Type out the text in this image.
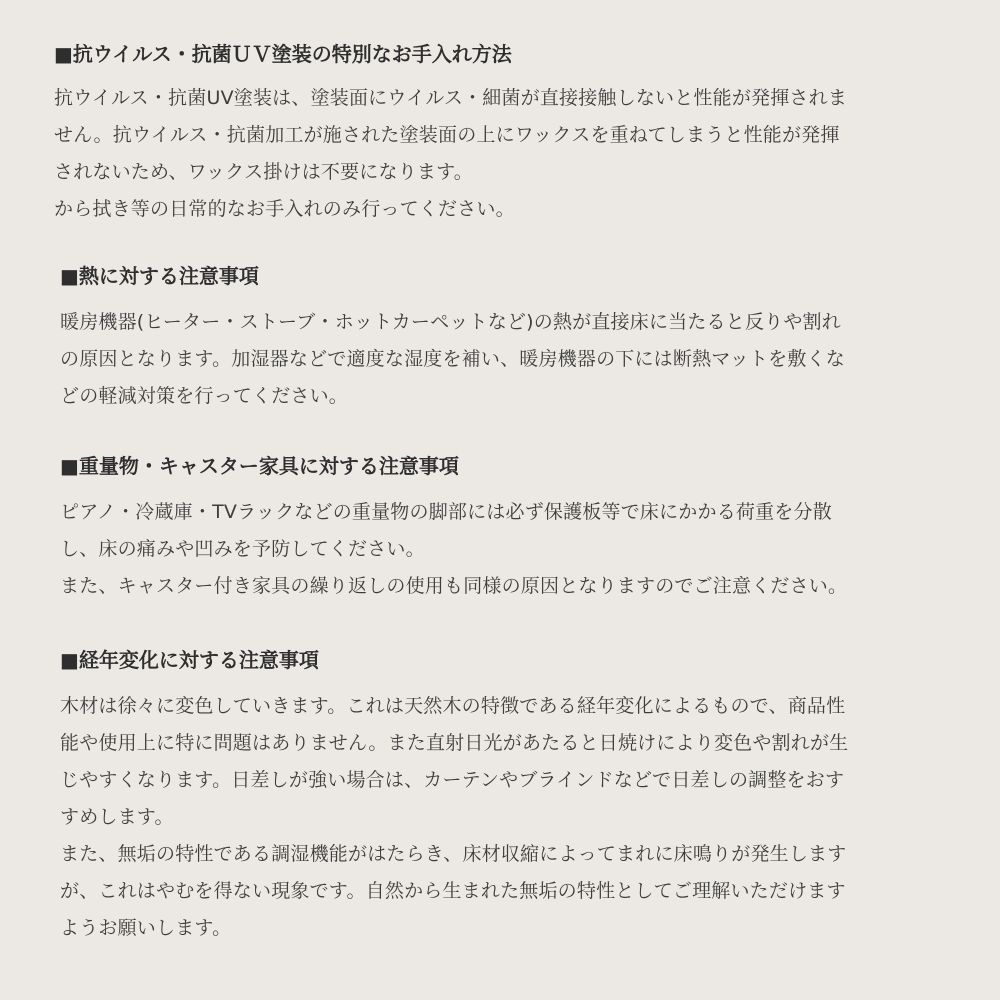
■抗ウイルス・抗菌ＵＶ塗装の特別なお手入れ方法

抗ウイルス・抗菌UV塗装は、塗装面にウイルス・細菌が直接接触しないと性能が発揮されま

せん。抗ウイルス・抗菌加工が施された塗装面の上にワックスを重ねてしまうと性能が発揮

されないため、ワックス掛けは不要になります。

から拭き等の日常的なお手入れのみ行ってください。

■熱に対する注意事項

暖房機器(ヒーター・ストーブ・ホットカーペットなど)の熱が直接床に当たると反りや割れ

の原因となります。加湿器などで適度な湿度を補い、暖房機器の下には断熱マットを敷くな

どの軽減対策を行ってください。

■重量物・キャスター家具に対する注意事項

ピアノ・冷蔵庫・TVラックなどの重量物の脚部には必ず保護板等で床にかかる荷重を分散

し、床の痛みや凹みを予防してください。

また、キャスター付き家具の繰り返しの使用も同様の原因となりますのでご注意ください。

■経年変化に対する注意事項

木材は徐々に変色していきます。これは天然木の特徴である経年変化によるもので、商品性

能や使用上に特に問題はありません。また直射日光があたると日焼けにより変色や割れが生

じやすくなります。日差しが強い場合は、カーテンやブラインドなどで日差しの調整をおす

すめします。

また、無垢の特性である調湿機能がはたらき、床材収縮によってまれに床鳴りが発生します

が、これはやむを得ない現象です。自然から生まれた無垢の特性としてご理解いただけます

ようお願いします。
